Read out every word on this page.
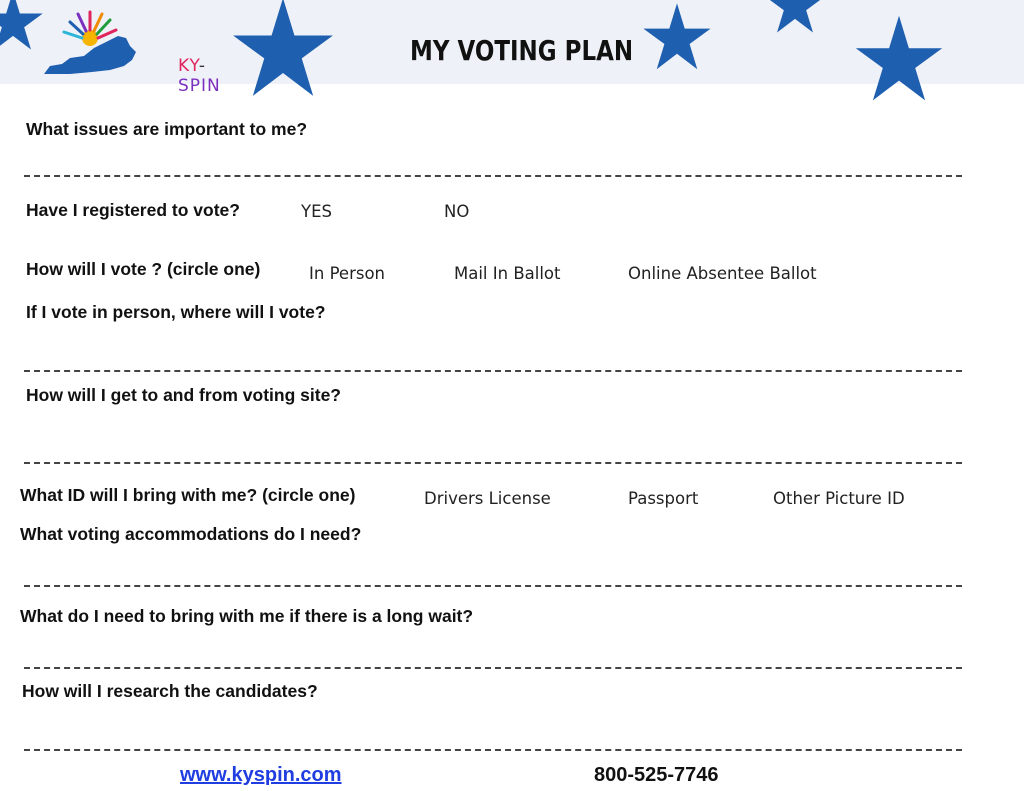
KY-SPIN
MY VOTING PLAN
What issues are important to me?
Have I registered to vote?	YES	NO
How will I vote ? (circle one)	In Person	Mail In Ballot	Online Absentee Ballot
If I vote in person, where will I vote?
How will I get to and from voting site?
What ID will I bring with me? (circle one)	Drivers License	Passport	Other Picture ID
What voting accommodations do I need?
What do I need to bring with me if there is a long wait?
How will I research the candidates?
www.kyspin.com	800-525-7746
